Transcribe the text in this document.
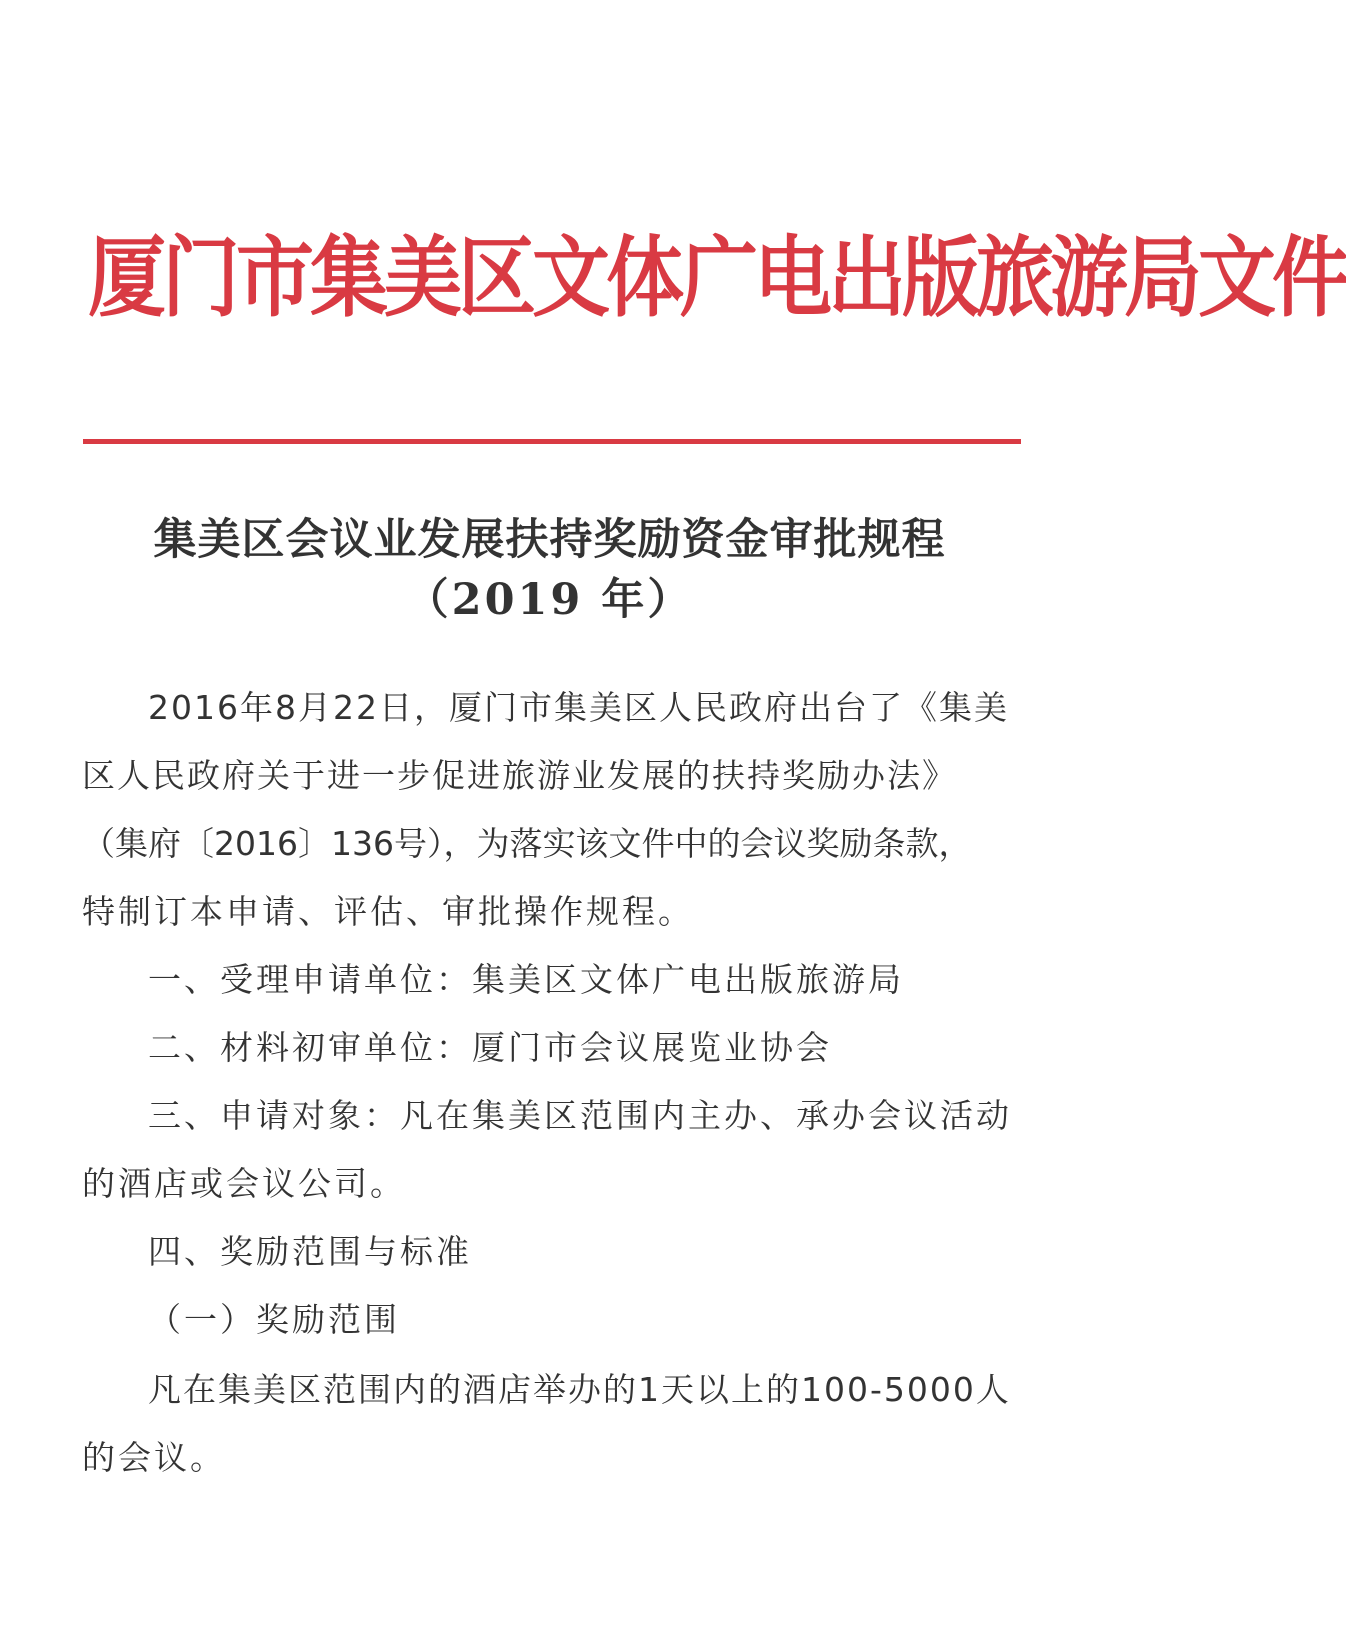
厦门市集美区文体广电出版旅游局文件
集美区会议业发展扶持奖励资金审批规程
（2019 年）
2016年8月22日，厦门市集美区人民政府出台了《集美
区人民政府关于进一步促进旅游业发展的扶持奖励办法》
（集府〔2016〕136号），为落实该文件中的会议奖励条款，
特制订本申请、评估、审批操作规程。
一、受理申请单位：集美区文体广电出版旅游局
二、材料初审单位：厦门市会议展览业协会
三、申请对象：凡在集美区范围内主办、承办会议活动
的酒店或会议公司。
四、奖励范围与标准
（一）奖励范围
凡在集美区范围内的酒店举办的1天以上的100-5000人
的会议。
